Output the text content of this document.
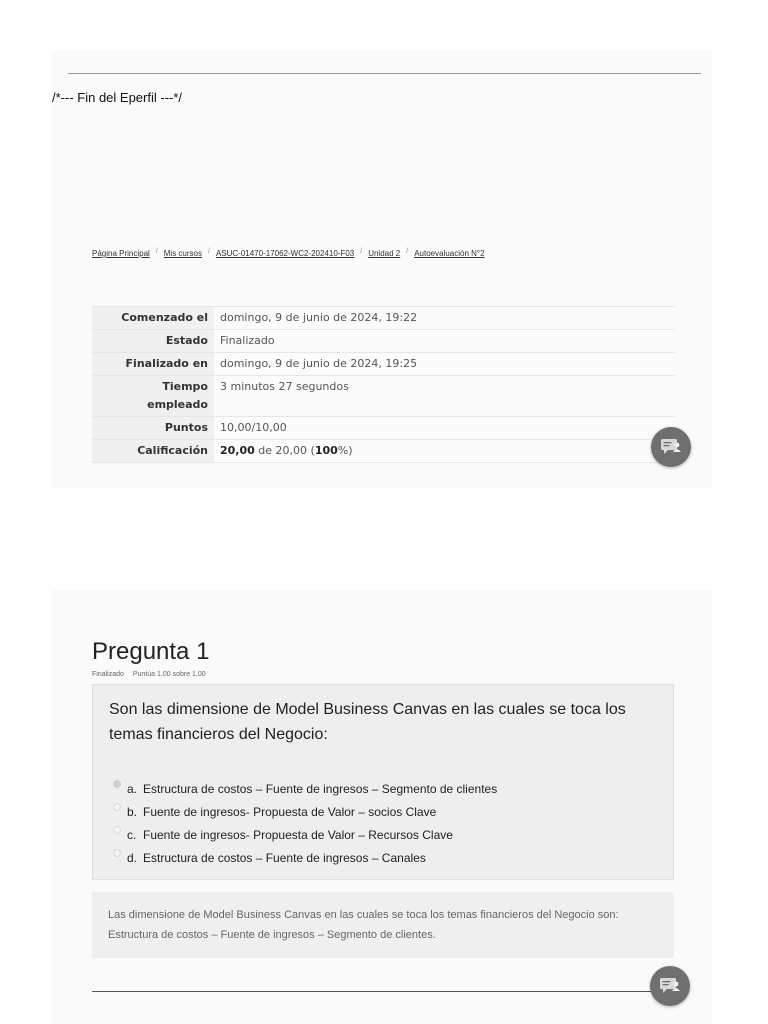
/*--- Fin del Eperfil ---*/
Página Principal / Mis cursos / ASUC-01470-17062-WC2-202410-F03 / Unidad 2 / Autoevaluación N°2
Comenzado el	domingo, 9 de junio de 2024, 19:22
Estado	Finalizado
Finalizado en	domingo, 9 de junio de 2024, 19:25
Tiempo
empleado	3 minutos 27 segundos
Puntos	10,00/10,00
Calificación	20,00 de 20,00 (100%)
Pregunta 1
Finalizado Puntúa 1,00 sobre 1,00
Son las dimensione de Model Business Canvas en las cuales se toca los temas financieros del Negocio:
a. Estructura de costos – Fuente de ingresos – Segmento de clientes
b. Fuente de ingresos- Propuesta de Valor – socios Clave
c. Fuente de ingresos- Propuesta de Valor – Recursos Clave
d. Estructura de costos – Fuente de ingresos – Canales
Las dimensione de Model Business Canvas en las cuales se toca los temas financieros del Negocio son: Estructura de costos – Fuente de ingresos – Segmento de clientes.
